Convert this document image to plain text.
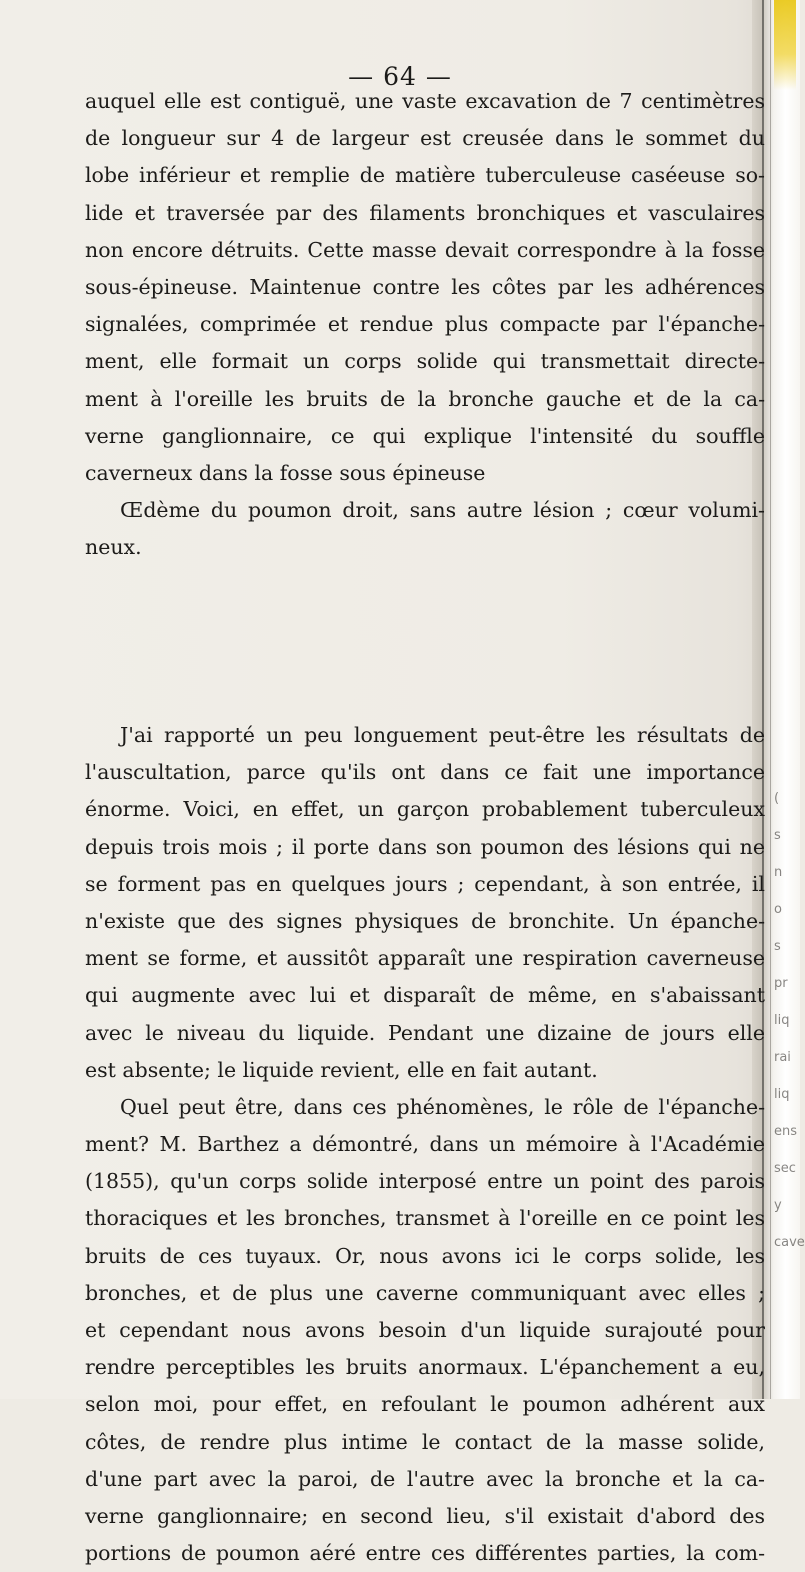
(
s
n
o
s
pr
liq
rai
liq
ens
sec
y
cave
— 64 —
auquel elle est contiguë, une vaste excavation de 7 centimètres
de longueur sur 4 de largeur est creusée dans le sommet du
lobe inférieur et remplie de matière tuberculeuse caséeuse so-
lide et traversée par des filaments bronchiques et vasculaires
non encore détruits. Cette masse devait correspondre à la fosse
sous-épineuse. Maintenue contre les côtes par les adhérences
signalées, comprimée et rendue plus compacte par l'épanche-
ment, elle formait un corps solide qui transmettait directe-
ment à l'oreille les bruits de la bronche gauche et de la ca-
verne ganglionnaire, ce qui explique l'intensité du souffle
caverneux dans la fosse sous épineuse
Œdème du poumon droit, sans autre lésion ; cœur volumi-
neux.
J'ai rapporté un peu longuement peut-être les résultats de
l'auscultation, parce qu'ils ont dans ce fait une importance
énorme. Voici, en effet, un garçon probablement tuberculeux
depuis trois mois ; il porte dans son poumon des lésions qui ne
se forment pas en quelques jours ; cependant, à son entrée, il
n'existe que des signes physiques de bronchite. Un épanche-
ment se forme, et aussitôt apparaît une respiration caverneuse
qui augmente avec lui et disparaît de même, en s'abaissant
avec le niveau du liquide. Pendant une dizaine de jours elle
est absente; le liquide revient, elle en fait autant.
Quel peut être, dans ces phénomènes, le rôle de l'épanche-
ment? M. Barthez a démontré, dans un mémoire à l'Académie
(1855), qu'un corps solide interposé entre un point des parois
thoraciques et les bronches, transmet à l'oreille en ce point les
bruits de ces tuyaux. Or, nous avons ici le corps solide, les
bronches, et de plus une caverne communiquant avec elles ;
et cependant nous avons besoin d'un liquide surajouté pour
rendre perceptibles les bruits anormaux. L'épanchement a eu,
selon moi, pour effet, en refoulant le poumon adhérent aux
côtes, de rendre plus intime le contact de la masse solide,
d'une part avec la paroi, de l'autre avec la bronche et la ca-
verne ganglionnaire; en second lieu, s'il existait d'abord des
portions de poumon aéré entre ces différentes parties, la com-
